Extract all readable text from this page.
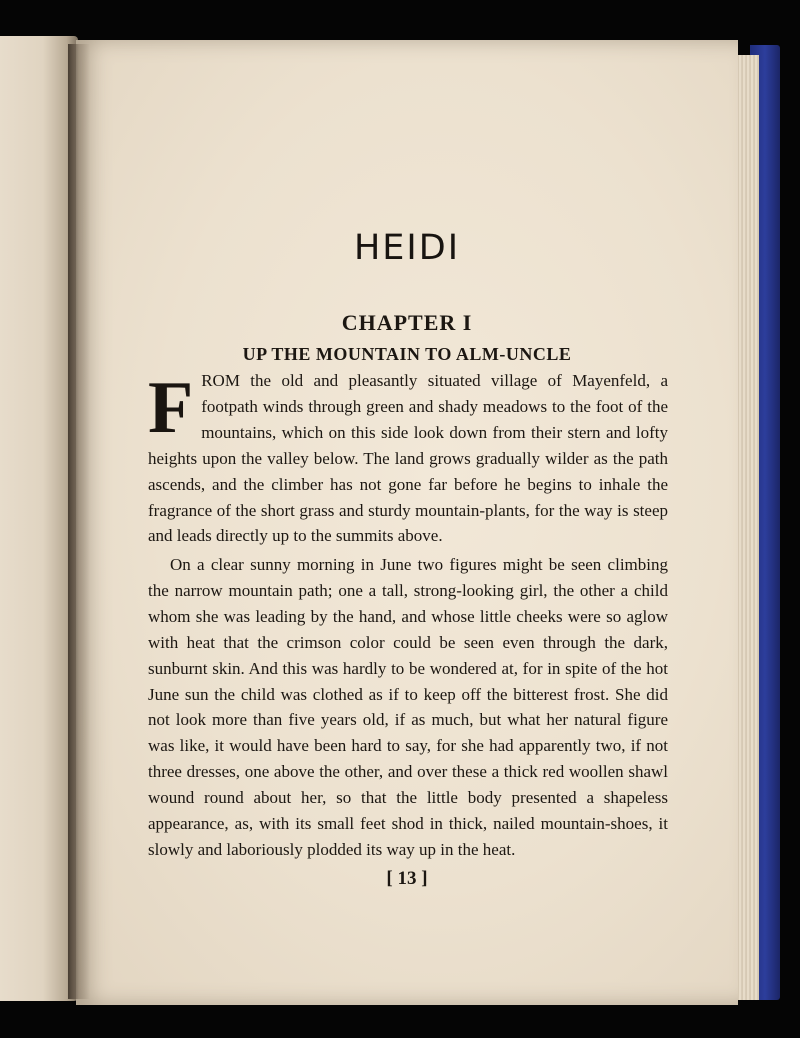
HEIDI
CHAPTER I
UP THE MOUNTAIN TO ALM-UNCLE
F ROM the old and pleasantly situated village of Mayenfeld, a footpath winds through green and shady meadows to the foot of the mountains, which on this side look down from their stern and lofty heights upon the valley below. The land grows gradually wilder as the path ascends, and the climber has not gone far before he begins to inhale the fragrance of the short grass and sturdy mountain-plants, for the way is steep and leads directly up to the summits above.

On a clear sunny morning in June two figures might be seen climbing the narrow mountain path; one a tall, strong-looking girl, the other a child whom she was leading by the hand, and whose little cheeks were so aglow with heat that the crimson color could be seen even through the dark, sunburnt skin. And this was hardly to be wondered at, for in spite of the hot June sun the child was clothed as if to keep off the bitterest frost. She did not look more than five years old, if as much, but what her natural figure was like, it would have been hard to say, for she had apparently two, if not three dresses, one above the other, and over these a thick red woollen shawl wound round about her, so that the little body presented a shapeless appearance, as, with its small feet shod in thick, nailed mountain-shoes, it slowly and laboriously plodded its way up in the heat.

[ 13 ]
